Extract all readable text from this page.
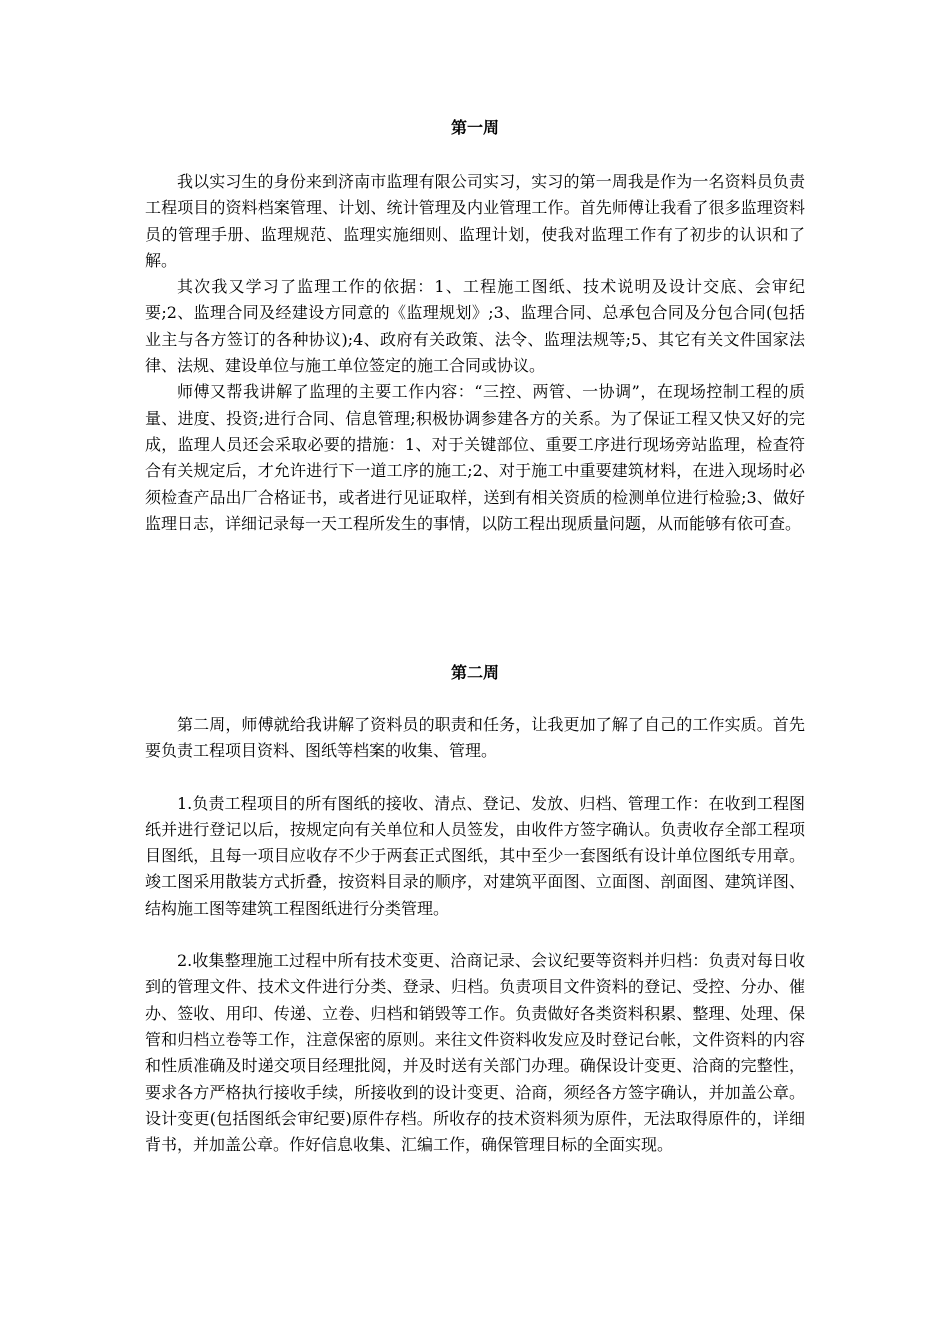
第一周

我以实习生的身份来到济南市监理有限公司实习，实习的第一周我是作为一名资料员负责工程项目的资料档案管理、计划、统计管理及内业管理工作。首先师傅让我看了很多监理资料员的管理手册、监理规范、监理实施细则、监理计划，使我对监理工作有了初步的认识和了解。

其次我又学习了监理工作的依据：1、工程施工图纸、技术说明及设计交底、会审纪要;2、监理合同及经建设方同意的《监理规划》;3、监理合同、总承包合同及分包合同(包括业主与各方签订的各种协议);4、政府有关政策、法令、监理法规等;5、其它有关文件国家法律、法规、建设单位与施工单位签定的施工合同或协议。

师傅又帮我讲解了监理的主要工作内容：“三控、两管、一协调”，在现场控制工程的质量、进度、投资;进行合同、信息管理;积极协调参建各方的关系。为了保证工程又快又好的完成，监理人员还会采取必要的措施：1、对于关键部位、重要工序进行现场旁站监理，检查符合有关规定后，才允许进行下一道工序的施工;2、对于施工中重要建筑材料，在进入现场时必须检查产品出厂合格证书，或者进行见证取样，送到有相关资质的检测单位进行检验;3、做好监理日志，详细记录每一天工程所发生的事情，以防工程出现质量问题，从而能够有依可查。

第二周

第二周，师傅就给我讲解了资料员的职责和任务，让我更加了解了自己的工作实质。首先要负责工程项目资料、图纸等档案的收集、管理。

1.负责工程项目的所有图纸的接收、清点、登记、发放、归档、管理工作：在收到工程图纸并进行登记以后，按规定向有关单位和人员签发，由收件方签字确认。负责收存全部工程项目图纸，且每一项目应收存不少于两套正式图纸，其中至少一套图纸有设计单位图纸专用章。竣工图采用散装方式折叠，按资料目录的顺序，对建筑平面图、立面图、剖面图、建筑详图、结构施工图等建筑工程图纸进行分类管理。

2.收集整理施工过程中所有技术变更、洽商记录、会议纪要等资料并归档：负责对每日收到的管理文件、技术文件进行分类、登录、归档。负责项目文件资料的登记、受控、分办、催办、签收、用印、传递、立卷、归档和销毁等工作。负责做好各类资料积累、整理、处理、保管和归档立卷等工作，注意保密的原则。来往文件资料收发应及时登记台帐，文件资料的内容和性质准确及时递交项目经理批阅，并及时送有关部门办理。确保设计变更、洽商的完整性，要求各方严格执行接收手续，所接收到的设计变更、洽商，须经各方签字确认，并加盖公章。设计变更(包括图纸会审纪要)原件存档。所收存的技术资料须为原件，无法取得原件的，详细背书，并加盖公章。作好信息收集、汇编工作，确保管理目标的全面实现。
